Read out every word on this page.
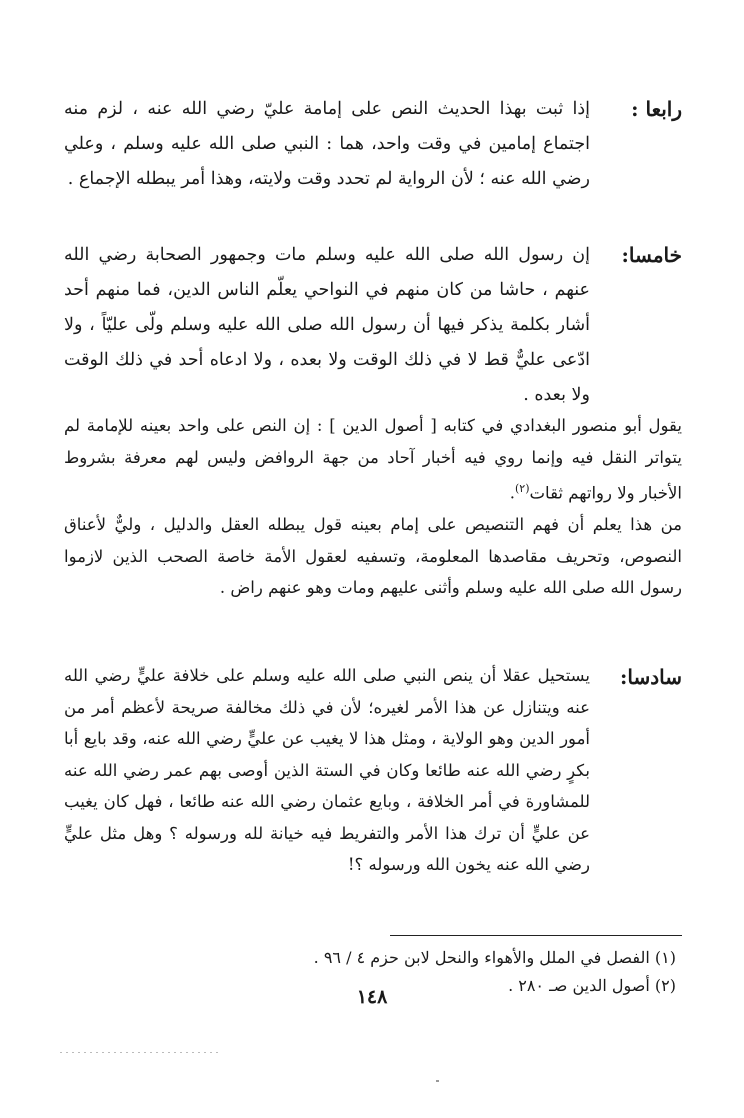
رابعا :

إذا ثبت بهذا الحديث النص على إمامة عليّ رضي الله عنه ، لزم منه اجتماع إمامين في وقت واحد، هما : النبي صلى الله عليه وسلم ، وعلي رضي الله عنه ؛ لأن الرواية لم تحدد وقت ولايته، وهذا أمر يبطله الإجماع .

خامسا:

إن رسول الله صلى الله عليه وسلم مات وجمهور الصحابة رضي الله عنهم ، حاشا من كان منهم في النواحي يعلّم الناس الدين، فما منهم أحد أشار بكلمة يذكر فيها أن رسول الله صلى الله عليه وسلم ولّى عليّاً ، ولا ادّعى عليٌّ قط لا في ذلك الوقت ولا بعده ، ولا ادعاه أحد في ذلك الوقت ولا بعده .

يقول أبو منصور البغدادي في كتابه [ أصول الدين ] : إن النص على واحد بعينه للإمامة لم يتواتر النقل فيه وإنما روي فيه أخبار آحاد من جهة الروافض وليس لهم معرفة بشروط الأخبار ولا رواتهم ثقات$^{(٢)}$.

من هذا يعلم أن فهم التنصيص على إمام بعينه قول يبطله العقل والدليل ، وليٌّ لأعناق النصوص، وتحريف مقاصدها المعلومة، وتسفيه لعقول الأمة خاصة الصحب الذين لازموا رسول الله صلى الله عليه وسلم وأثنى عليهم ومات وهو عنهم راض .

سادسا:

يستحيل عقلا أن ينص النبي صلى الله عليه وسلم على خلافة عليٍّ رضي الله عنه ويتنازل عن هذا الأمر لغيره؛ لأن في ذلك مخالفة صريحة لأعظم أمر من أمور الدين وهو الولاية ، ومثل هذا لا يغيب عن عليٍّ رضي الله عنه، وقد بايع أبا بكرٍ رضي الله عنه طائعا وكان في الستة الذين أوصى بهم عمر رضي الله عنه للمشاورة في أمر الخلافة ، وبايع عثمان رضي الله عنه طائعا ، فهل كان يغيب عن عليٍّ أن ترك هذا الأمر والتفريط فيه خيانة لله ورسوله ؟ وهل مثل عليٍّ رضي الله عنه يخون الله ورسوله ؟!

(١) الفصل في الملل والأهواء والنحل لابن حزم ٤ / ٩٦ .
(٢) أصول الدين صـ ٢٨٠ .
١٤٨
